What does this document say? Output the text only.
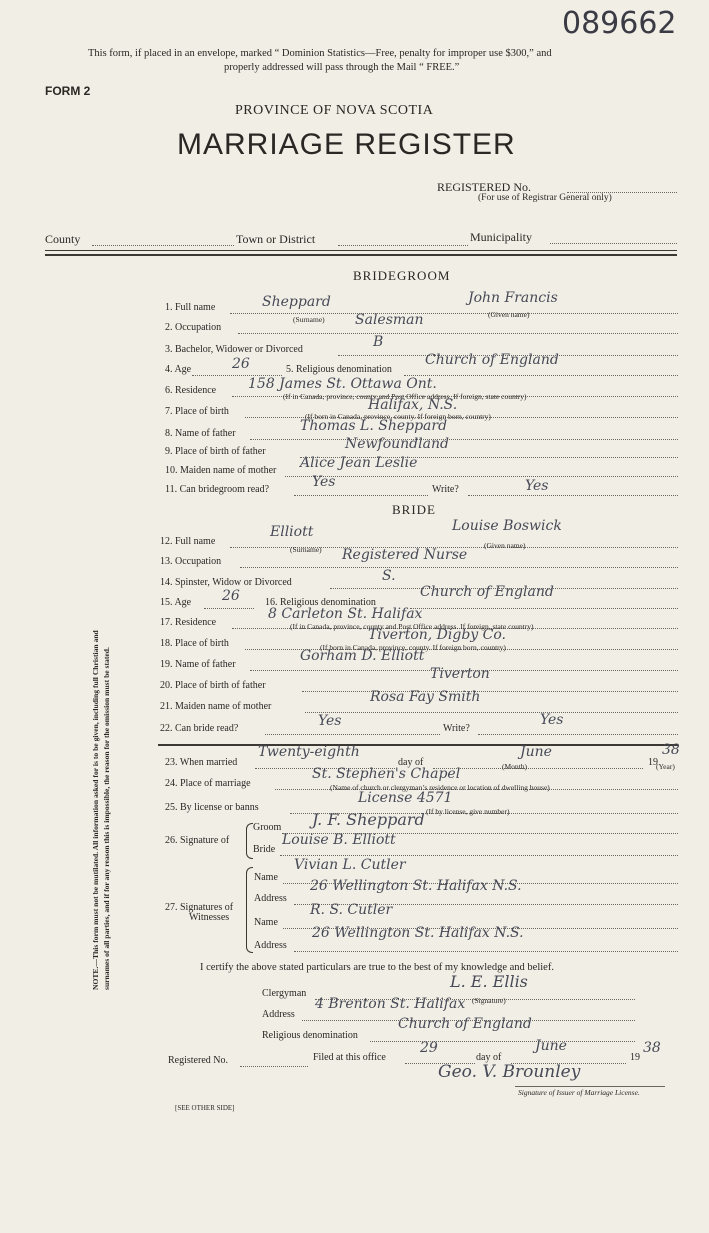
089662
This form, if placed in an envelope, marked “ Dominion Statistics—Free, penalty for improper use $300,” and
properly addressed will pass through the Mail “ FREE.”
FORM 2
PROVINCE OF NOVA SCOTIA
MARRIAGE REGISTER
REGISTERED No.
(For use of Registrar General only)
County	Town or District	Municipality
NOTE.—This form must not be mutilated. All information asked for is to be given, including full Christian and surnames of all parties, and if for any reason this is impossible, the reason for the omission must be stated.
BRIDEGROOM
1. Full name	Sheppard	John Francis
(Surname)
(Given name)
2. Occupation	Salesman
3. Bachelor, Widower or Divorced	B
4. Age	26	5. Religious denomination
Church of England
6. Residence 158 James St. Ottawa Ont.
(If in Canada, province, county and Post Office address. If foreign, state country)
7. Place of birth	Halifax, N.S.
(If born in Canada, province, county. If foreign born, country)
8. Name of father	Thomas L. Sheppard
9. Place of birth of father	Newfoundland
10. Maiden name of mother Alice Jean Leslie
11. Can bridegroom read?	Yes	Write?	Yes
BRIDE
12. Full name
Elliott	Louise Boswick
(Surname)	(Given name)
13. Occupation	Registered Nurse
14. Spinster, Widow or Divorced	S.
15. Age 26	16. Religious denomination
Church of England
17. Residence
8 Carleton St. Halifax
(If in Canada, province, county and Post Office address. If foreign, state country)
18. Place of birth
Tiverton, Digby Co.
(If born in Canada, province, county. If foreign born, country)
19. Name of father
Gorham D. Elliott
20. Place of birth of father
Tiverton
21. Maiden name of mother
Rosa Fay Smith
22. Can bride read?	Yes	Write?
Yes
23. When married
Twenty-eighth
day of
June
(Month)	19
38
(Year)
24. Place of marriage
St. Stephen's Chapel
(Name of church or clergyman’s residence or location of dwelling house)
25. By license or banns
License 4571
(If by license, give number)
26. Signature of
Groom J. F. Sheppard
Bride
Louise B. Elliott
27. Signatures of
Witnesses
Name
Vivian L. Cutler
Address
26 Wellington St. Halifax N.S.
Name
R. S. Cutler
Address
26 Wellington St. Halifax N.S.
I certify the above stated particulars are true to the best of my knowledge and belief.
Clergyman
L. E. Ellis
(Signature)
Address
4 Brenton St. Halifax
Religious denomination
Church of England
Registered No.	Filed at this office
29
day of
June
19
38
Geo. V. Brounley
Signature of Issuer of Marriage License.
[SEE OTHER SIDE]
